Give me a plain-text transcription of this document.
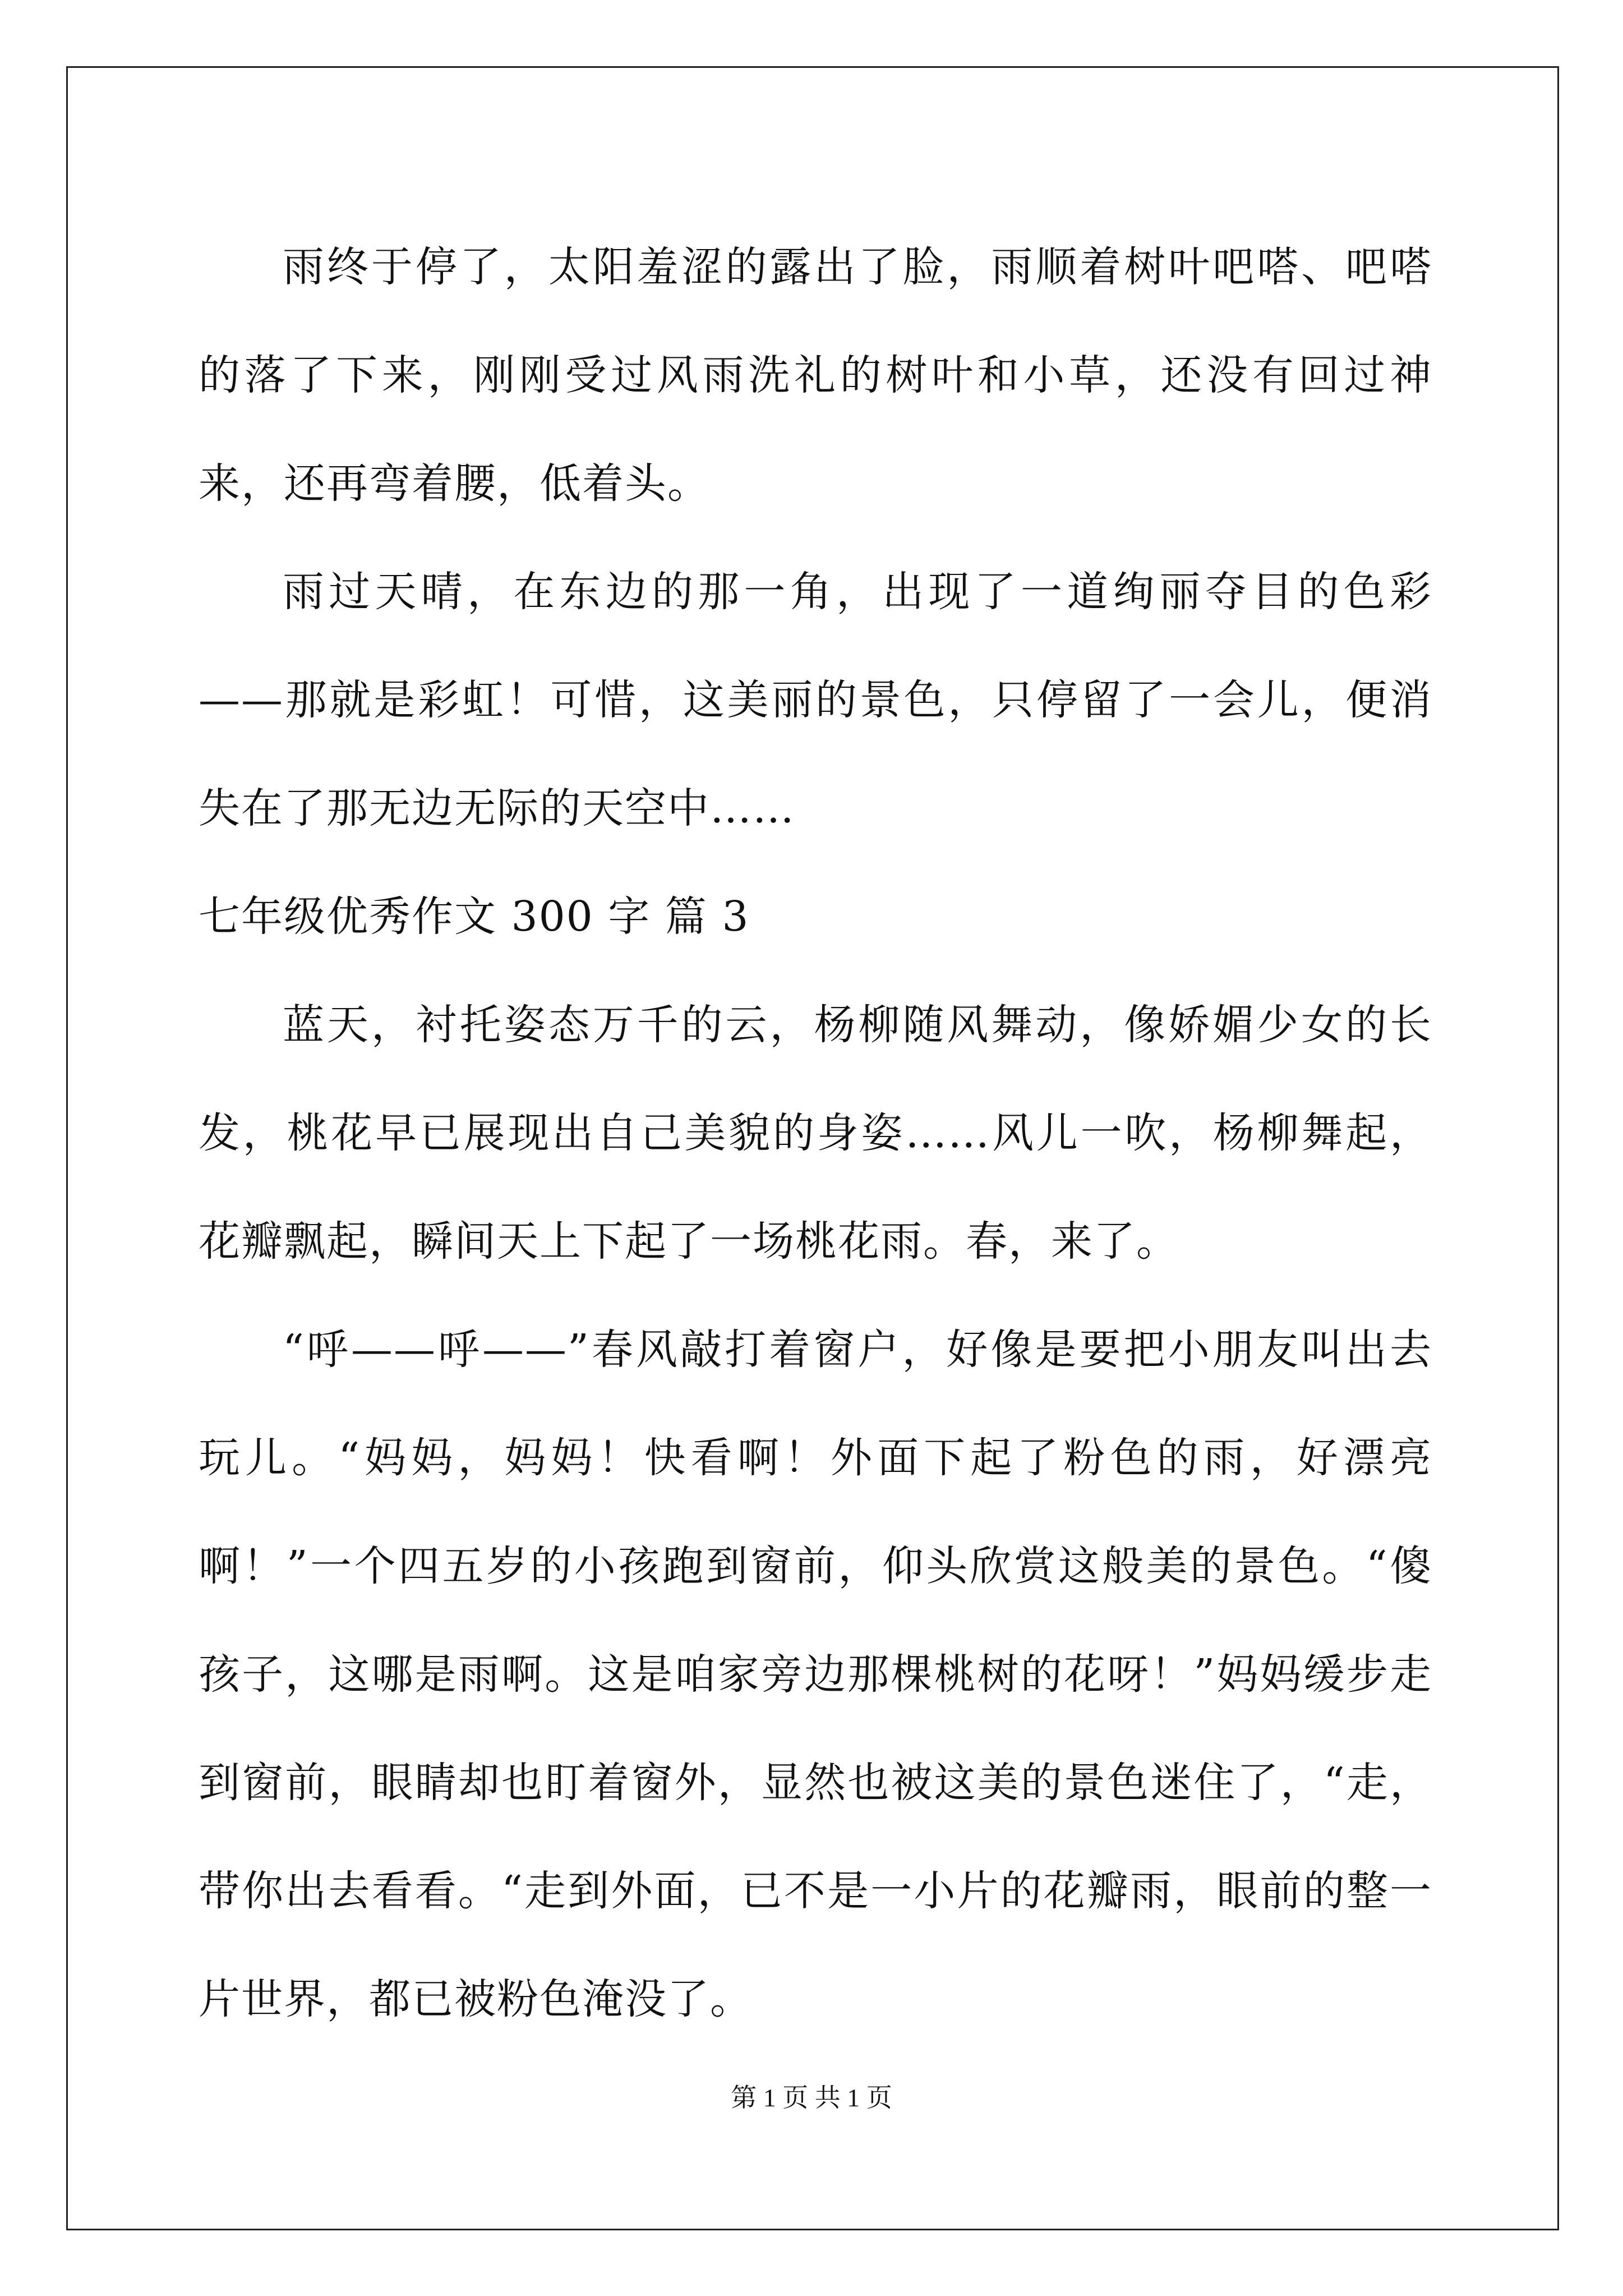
雨终于停了，太阳羞涩的露出了脸，雨顺着树叶吧嗒、吧嗒的落了下来，刚刚受过风雨洗礼的树叶和小草，还没有回过神来，还再弯着腰，低着头。

雨过天晴，在东边的那一角，出现了一道绚丽夺目的色彩——那就是彩虹！可惜，这美丽的景色，只停留了一会儿，便消失在了那无边无际的天空中……

七年级优秀作文 300 字 篇 3

蓝天，衬托姿态万千的云，杨柳随风舞动，像娇媚少女的长发，桃花早已展现出自己美貌的身姿……风儿一吹，杨柳舞起，花瓣飘起，瞬间天上下起了一场桃花雨。春，来了。

“呼——呼——”春风敲打着窗户，好像是要把小朋友叫出去玩儿。“妈妈，妈妈！快看啊！外面下起了粉色的雨，好漂亮啊！”一个四五岁的小孩跑到窗前，仰头欣赏这般美的景色。“傻孩子，这哪是雨啊。这是咱家旁边那棵桃树的花呀！”妈妈缓步走到窗前，眼睛却也盯着窗外，显然也被这美的景色迷住了，“走，带你出去看看。“走到外面，已不是一小片的花瓣雨，眼前的整一片世界，都已被粉色淹没了。

第 1 页 共 1 页
